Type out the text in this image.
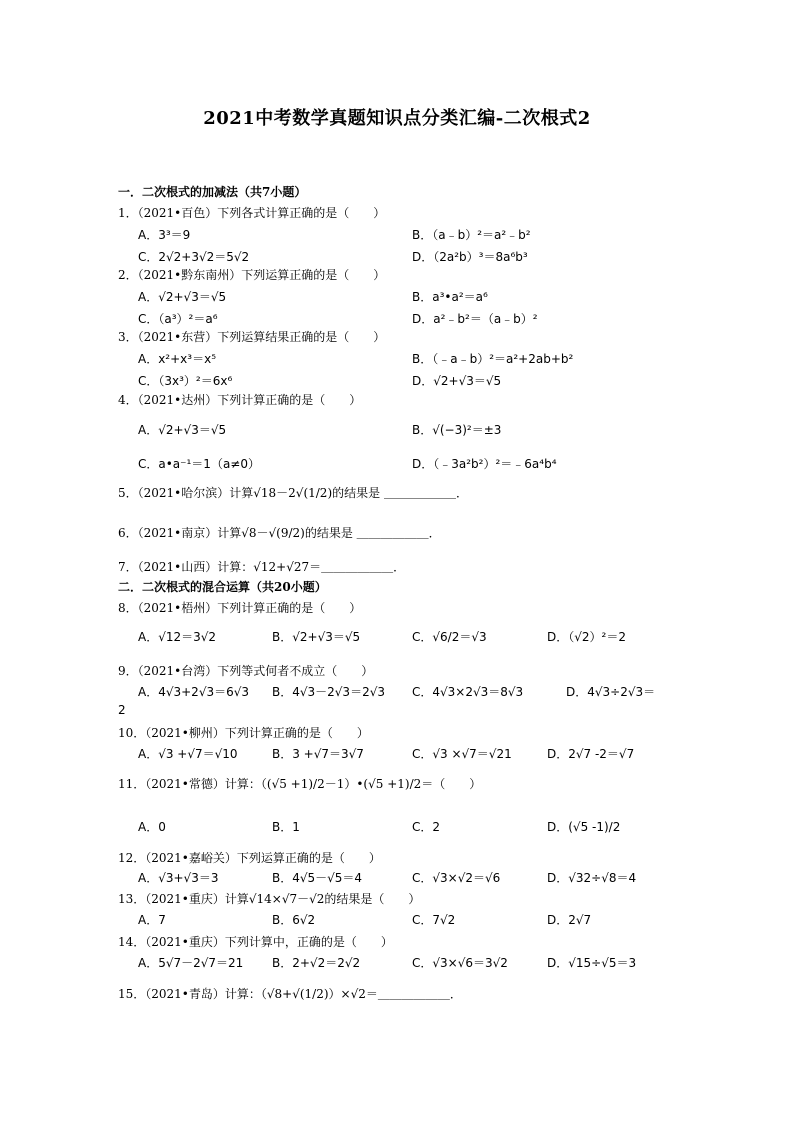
2021中考数学真题知识点分类汇编-二次根式2
一．二次根式的加减法（共7小题）
1．（2021•百色）下列各式计算正确的是（　　）
A．3³＝9	B．（a﹣b）²＝a²﹣b²
C．2√2+3√2＝5√2	D．（2a²b）³＝8a⁶b³
2．（2021•黔东南州）下列运算正确的是（　　）
A．√2+√3＝√5	B．a³•a²＝a⁶
C．（a³）²＝a⁶	D．a²﹣b²＝（a﹣b）²
3．（2021•东营）下列运算结果正确的是（　　）
A．x²+x³＝x⁵	B．（﹣a﹣b）²＝a²+2ab+b²
C．（3x³）²＝6x⁶	D．√2+√3＝√5
4．（2021•达州）下列计算正确的是（　　）
A．√2+√3＝√5	B．√(−3)²＝±3
C．a•a⁻¹＝1（a≠0）	D．（﹣3a²b²）²＝﹣6a⁴b⁴
5．（2021•哈尔滨）计算√18－2√(1/2)的结果是 ＿＿＿＿＿＿．
6．（2021•南京）计算√8－√(9/2)的结果是 ＿＿＿＿＿＿．
7．（2021•山西）计算：√12+√27＝＿＿＿＿＿＿．
二．二次根式的混合运算（共20小题）
8．（2021•梧州）下列计算正确的是（　　）
A．√12＝3√2	B．√2+√3＝√5	C．√6/2＝√3	D．（√2）²＝2
9．（2021•台湾）下列等式何者不成立（　　）
A．4√3+2√3＝6√3 B．4√3－2√3＝2√3 C．4√3×2√3＝8√3	D．4√3÷2√3＝
2
10．（2021•柳州）下列计算正确的是（　　）
A．√3 +√7＝√10	B．3 +√7＝3√7	C．√3 ×√7＝√21	D．2√7 -2＝√7
11．（2021•常德）计算：（(√5 +1)/2－1）•(√5 +1)/2＝（　　）
A．0	B．1	C．2	D．(√5 -1)/2
12．（2021•嘉峪关）下列运算正确的是（　　）
A．√3+√3＝3	B．4√5－√5＝4	C．√3×√2＝√6	D．√32÷√8＝4
13．（2021•重庆）计算√14×√7－√2的结果是（　　）
A．7	B．6√2	C．7√2	D．2√7
14．（2021•重庆）下列计算中，正确的是（　　）
A．5√7－2√7＝21 B．2+√2＝2√2	C．√3×√6＝3√2	D．√15÷√5＝3
15．（2021•青岛）计算：（√8+√(1/2)）×√2＝＿＿＿＿＿＿．
